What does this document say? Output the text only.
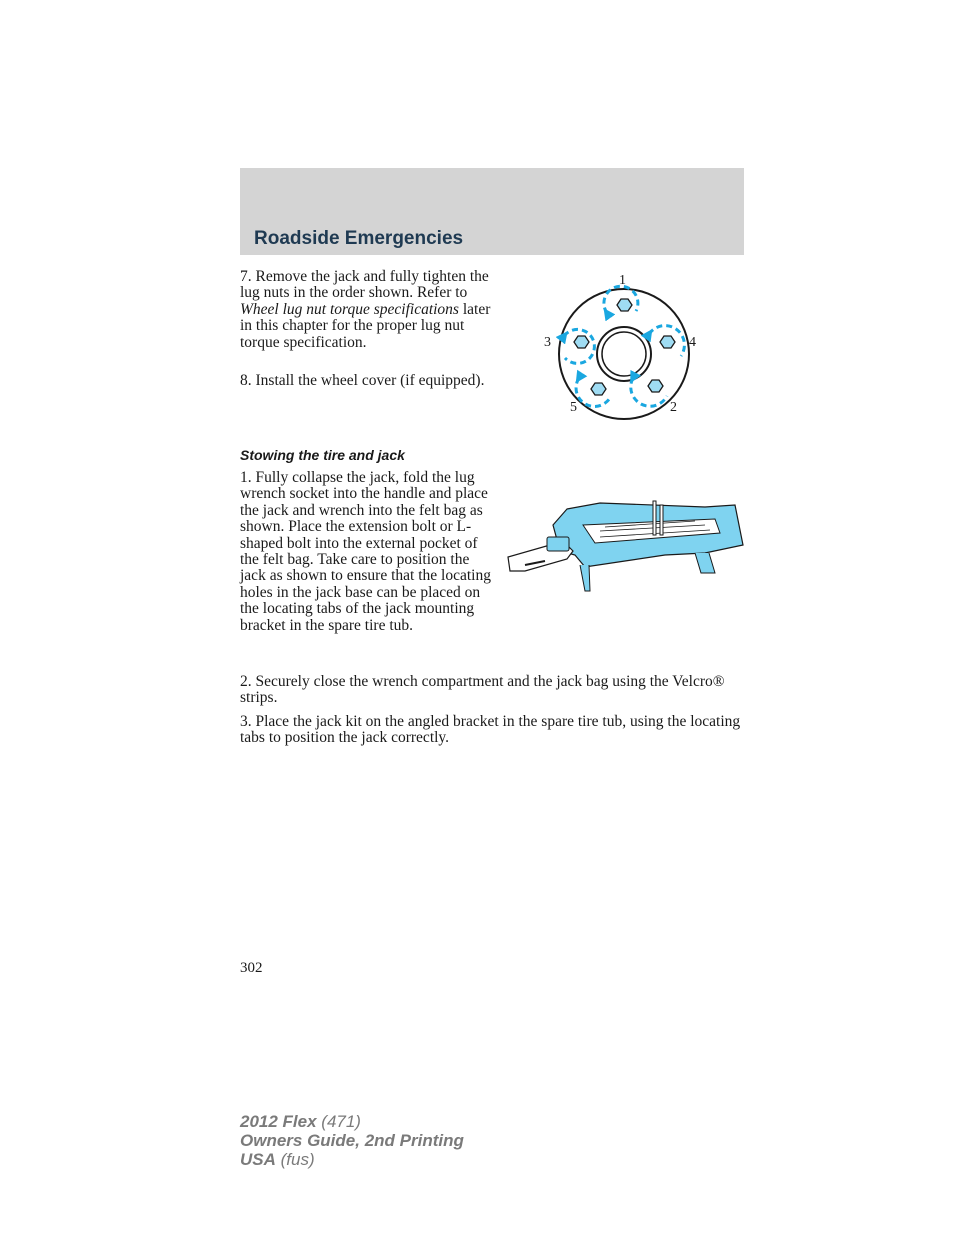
Roadside Emergencies

7. Remove the jack and fully tighten the lug nuts in the order shown. Refer to Wheel lug nut torque specifications later in this chapter for the proper lug nut torque specification.

8. Install the wheel cover (if equipped).

1
2
3	4
5

Stowing the tire and jack

1. Fully collapse the jack, fold the lug wrench socket into the handle and place the jack and wrench into the felt bag as shown. Place the extension bolt or L-shaped bolt into the external pocket of the felt bag. Take care to position the jack as shown to ensure that the locating holes in the jack base can be placed on the locating tabs of the jack mounting bracket in the spare tire tub.

2. Securely close the wrench compartment and the jack bag using the Velcro® strips.

3. Place the jack kit on the angled bracket in the spare tire tub, using the locating tabs to position the jack correctly.

302
2012 Flex (471)
Owners Guide, 2nd Printing
USA (fus)
